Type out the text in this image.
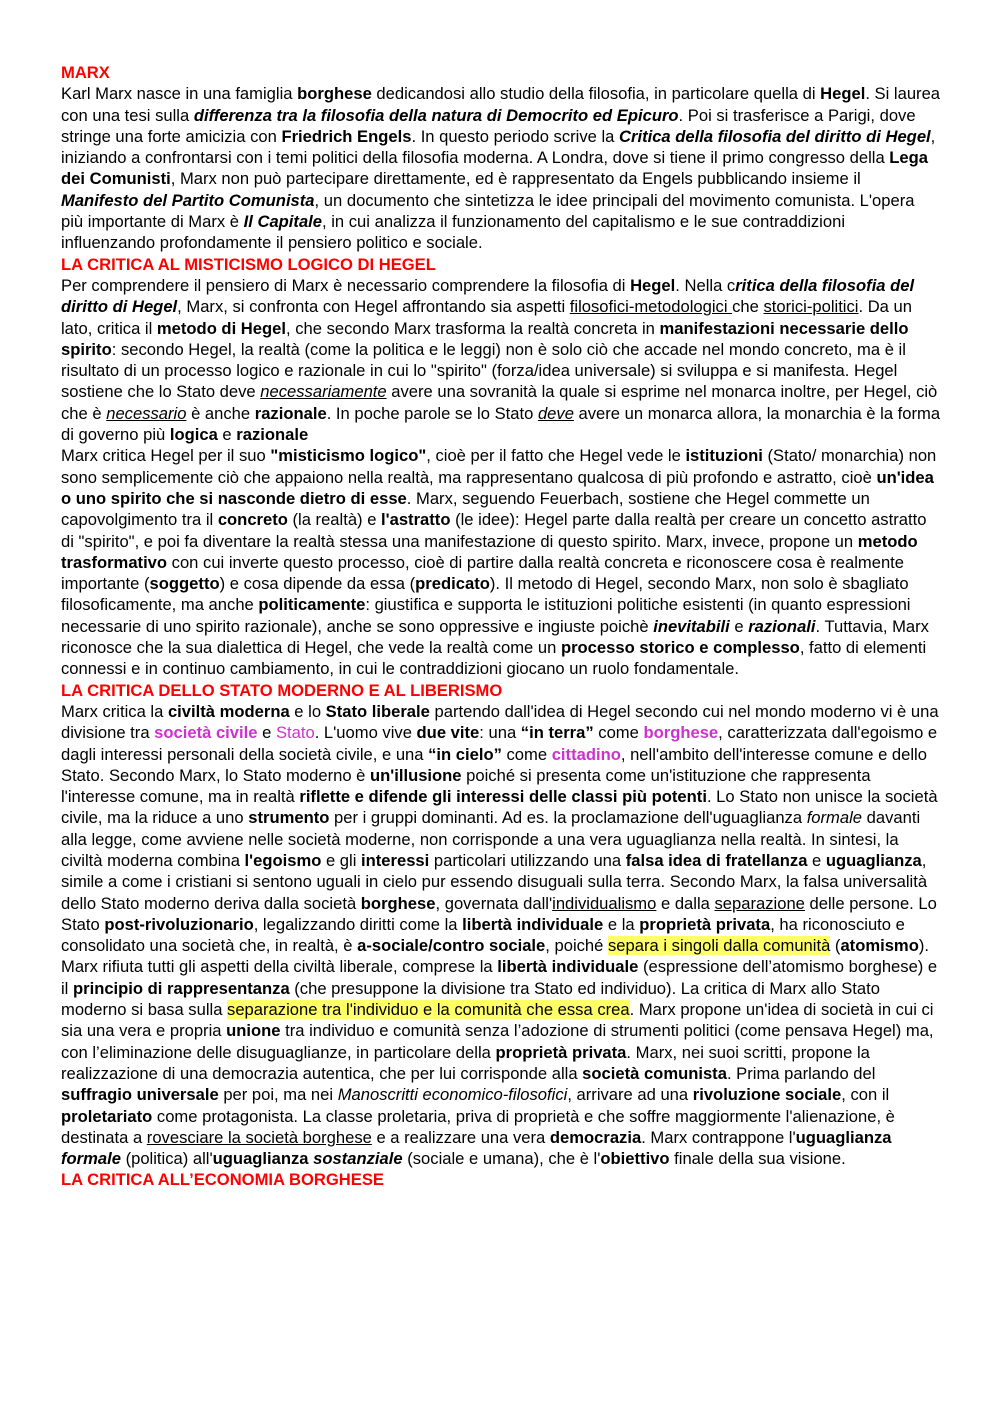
MARX
Karl Marx nasce in una famiglia borghese dedicandosi allo studio della filosofia, in particolare quella di Hegel. Si laurea con una tesi sulla differenza tra la filosofia della natura di Democrito ed Epicuro. Poi si trasferisce a Parigi, dove stringe una forte amicizia con Friedrich Engels. In questo periodo scrive la Critica della filosofia del diritto di Hegel, iniziando a confrontarsi con i temi politici della filosofia moderna. A Londra, dove si tiene il primo congresso della Lega dei Comunisti, Marx non può partecipare direttamente, ed è rappresentato da Engels pubblicando insieme il Manifesto del Partito Comunista, un documento che sintetizza le idee principali del movimento comunista. L'opera più importante di Marx è Il Capitale, in cui analizza il funzionamento del capitalismo e le sue contraddizioni influenzando profondamente il pensiero politico e sociale.
LA CRITICA AL MISTICISMO LOGICO DI HEGEL
Per comprendere il pensiero di Marx è necessario comprendere la filosofia di Hegel. Nella critica della filosofia del diritto di Hegel, Marx, si confronta con Hegel affrontando sia aspetti filosofici-metodologici che storici-politici. Da un lato, critica il metodo di Hegel, che secondo Marx trasforma la realtà concreta in manifestazioni necessarie dello spirito: secondo Hegel, la realtà (come la politica e le leggi) non è solo ciò che accade nel mondo concreto, ma è il risultato di un processo logico e razionale in cui lo "spirito" (forza/idea universale) si sviluppa e si manifesta. Hegel sostiene che lo Stato deve necessariamente avere una sovranità la quale si esprime nel monarca inoltre, per Hegel, ciò che è necessario è anche razionale. In poche parole se lo Stato deve avere un monarca allora, la monarchia è la forma di governo più logica e razionale
Marx critica Hegel per il suo "misticismo logico", cioè per il fatto che Hegel vede le istituzioni (Stato/ monarchia) non sono semplicemente ciò che appaiono nella realtà, ma rappresentano qualcosa di più profondo e astratto, cioè un'idea o uno spirito che si nasconde dietro di esse. Marx, seguendo Feuerbach, sostiene che Hegel commette un capovolgimento tra il concreto (la realtà) e l'astratto (le idee): Hegel parte dalla realtà per creare un concetto astratto di "spirito", e poi fa diventare la realtà stessa una manifestazione di questo spirito. Marx, invece, propone un metodo trasformativo con cui inverte questo processo, cioè di partire dalla realtà concreta e riconoscere cosa è realmente importante (soggetto) e cosa dipende da essa (predicato). Il metodo di Hegel, secondo Marx, non solo è sbagliato filosoficamente, ma anche politicamente: giustifica e supporta le istituzioni politiche esistenti (in quanto espressioni necessarie di uno spirito razionale), anche se sono oppressive e ingiuste poichè inevitabili e razionali. Tuttavia, Marx riconosce che la sua dialettica di Hegel, che vede la realtà come un processo storico e complesso, fatto di elementi connessi e in continuo cambiamento, in cui le contraddizioni giocano un ruolo fondamentale.
LA CRITICA DELLO STATO MODERNO E AL LIBERISMO
Marx critica la civiltà moderna e lo Stato liberale partendo dall'idea di Hegel secondo cui nel mondo moderno vi è una divisione tra società civile e Stato. L'uomo vive due vite: una “in terra” come borghese, caratterizzata dall'egoismo e dagli interessi personali della società civile, e una “in cielo” come cittadino, nell'ambito dell'interesse comune e dello Stato. Secondo Marx, lo Stato moderno è un'illusione poiché si presenta come un'istituzione che rappresenta l'interesse comune, ma in realtà riflette e difende gli interessi delle classi più potenti. Lo Stato non unisce la società civile, ma la riduce a uno strumento per i gruppi dominanti. Ad es. la proclamazione dell'uguaglianza formale davanti alla legge, come avviene nelle società moderne, non corrisponde a una vera uguaglianza nella realtà. In sintesi, la civiltà moderna combina l'egoismo e gli interessi particolari utilizzando una falsa idea di fratellanza e uguaglianza, simile a come i cristiani si sentono uguali in cielo pur essendo disuguali sulla terra. Secondo Marx, la falsa universalità dello Stato moderno deriva dalla società borghese, governata dall'individualismo e dalla separazione delle persone. Lo Stato post-rivoluzionario, legalizzando diritti come la libertà individuale e la proprietà privata, ha riconosciuto e consolidato una società che, in realtà, è a-sociale/contro sociale, poiché separa i singoli dalla comunità (atomismo). Marx rifiuta tutti gli aspetti della civiltà liberale, comprese la libertà individuale (espressione dell’atomismo borghese) e il principio di rappresentanza (che presuppone la divisione tra Stato ed individuo). La critica di Marx allo Stato moderno si basa sulla separazione tra l'individuo e la comunità che essa crea. Marx propone un'idea di società in cui ci sia una vera e propria unione tra individuo e comunità senza l’adozione di strumenti politici (come pensava Hegel) ma, con l’eliminazione delle disuguaglianze, in particolare della proprietà privata. Marx, nei suoi scritti, propone la realizzazione di una democrazia autentica, che per lui corrisponde alla società comunista. Prima parlando del suffragio universale per poi, ma nei Manoscritti economico-filosofici, arrivare ad una rivoluzione sociale, con il proletariato come protagonista. La classe proletaria, priva di proprietà e che soffre maggiormente l'alienazione, è destinata a rovesciare la società borghese e a realizzare una vera democrazia. Marx contrappone l'uguaglianza formale (politica) all'uguaglianza sostanziale (sociale e umana), che è l'obiettivo finale della sua visione.
LA CRITICA ALL’ECONOMIA BORGHESE
